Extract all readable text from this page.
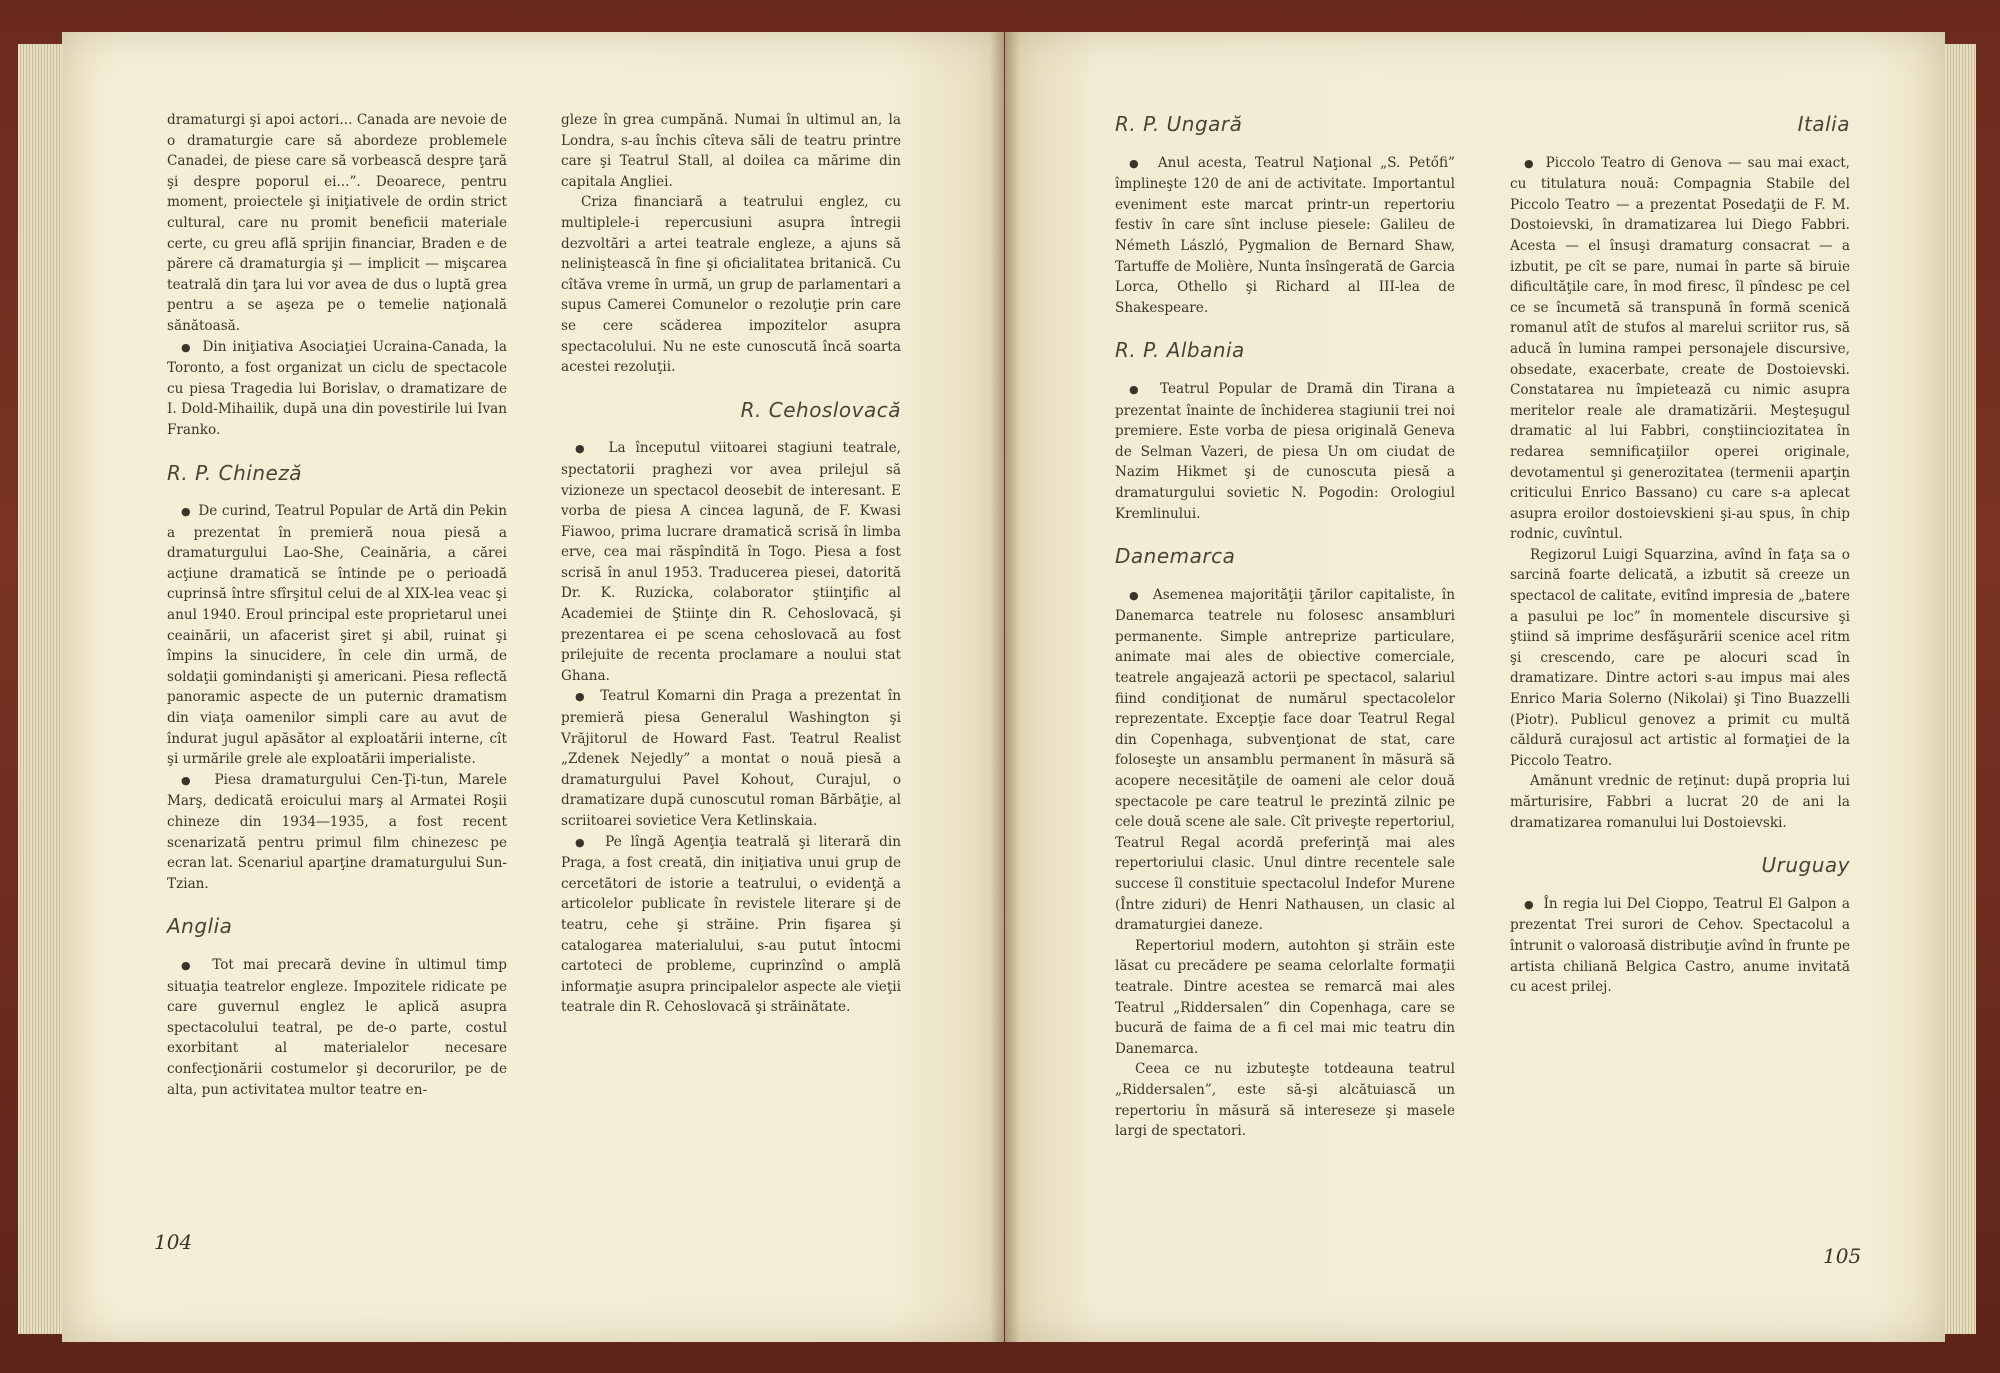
dramaturgi şi apoi actori... Canada are nevoie de o dramaturgie care să abordeze problemele Canadei, de piese care să vorbească despre ţară şi despre poporul ei...”. Deoarece, pentru moment, proiectele şi iniţiativele de ordin strict cultural, care nu promit beneficii materiale certe, cu greu află sprijin financiar, Braden e de părere că dramaturgia şi — implicit — mişcarea teatrală din ţara lui vor avea de dus o luptă grea pentru a se aşeza pe o temelie naţională sănătoasă.

●  Din iniţiativa Asociaţiei Ucraina-Canada, la Toronto, a fost organizat un ciclu de spectacole cu piesa Tragedia lui Borislav, o dramatizare de I. Dold-Mihailik, după una din povestirile lui Ivan Franko.

R. P. Chineză

●  De curind, Teatrul Popular de Artă din Pekin a prezentat în premieră noua piesă a dramaturgului Lao-She, Ceainăria, a cărei acţiune dramatică se întinde pe o perioadă cuprinsă între sfîrşitul celui de al XIX-lea veac şi anul 1940. Eroul principal este proprietarul unei ceainării, un afacerist şiret şi abil, ruinat şi împins la sinucidere, în cele din urmă, de soldaţii gomindanişti şi americani. Piesa reflectă panoramic aspecte de un puternic dramatism din viaţa oamenilor simpli care au avut de îndurat jugul apăsător al exploatării interne, cît şi urmările grele ale exploatării imperialiste.

●  Piesa dramaturgului Cen-Ţi-tun, Marele Marş, dedicată eroicului marş al Armatei Roşii chineze din 1934—1935, a fost recent scenarizată pentru primul film chinezesc pe ecran lat. Scenariul aparţine dramaturgului Sun-Tzian.

Anglia

●  Tot mai precară devine în ultimul timp situaţia teatrelor engleze. Impozitele ridicate pe care guvernul englez le aplică asupra spectacolului teatral, pe de-o parte, costul exorbitant al materialelor necesare confecţionării costumelor şi decorurilor, pe de alta, pun activitatea multor teatre en-

gleze în grea cumpănă. Numai în ultimul an, la Londra, s-au închis cîteva săli de teatru printre care şi Teatrul Stall, al doilea ca mărime din capitala Angliei.

Criza financiară a teatrului englez, cu multiplele-i repercusiuni asupra întregii dezvoltări a artei teatrale engleze, a ajuns să neliniştească în fine şi oficialitatea britanică. Cu cîtăva vreme în urmă, un grup de parlamentari a supus Camerei Comunelor o rezoluţie prin care se cere scăderea impozitelor asupra spectacolului. Nu ne este cunoscută încă soarta acestei rezoluţii.

R. Cehoslovacă

●  La începutul viitoarei stagiuni teatrale, spectatorii praghezi vor avea prilejul să vizioneze un spectacol deosebit de interesant. E vorba de piesa A cincea lagună, de F. Kwasi Fiawoo, prima lucrare dramatică scrisă în limba erve, cea mai răspîndită în Togo. Piesa a fost scrisă în anul 1953. Traducerea piesei, datorită Dr. K. Ruzicka, colaborator ştiinţific al Academiei de Ştiinţe din R. Cehoslovacă, şi prezentarea ei pe scena cehoslovacă au fost prilejuite de recenta proclamare a noului stat Ghana.

●  Teatrul Komarni din Praga a prezentat în premieră piesa Generalul Washington şi Vrăjitorul de Howard Fast. Teatrul Realist „Zdenek Nejedly” a montat o nouă piesă a dramaturgului Pavel Kohout, Curajul, o dramatizare după cunoscutul roman Bărbăţie, al scriitoarei sovietice Vera Ketlinskaia.

●  Pe lîngă Agenţia teatrală şi literară din Praga, a fost creată, din iniţiativa unui grup de cercetători de istorie a teatrului, o evidenţă a articolelor publicate în revistele literare şi de teatru, cehe şi străine. Prin fişarea şi catalogarea materialului, s-au putut întocmi cartoteci de probleme, cuprinzînd o amplă informaţie asupra principalelor aspecte ale vieţii teatrale din R. Cehoslovacă şi străinătate.

104
R. P. Ungară

●  Anul acesta, Teatrul Naţional „S. Petőfi” împlineşte 120 de ani de activitate. Importantul eveniment este marcat printr-un repertoriu festiv în care sînt incluse piesele: Galileu de Németh László, Pygmalion de Bernard Shaw, Tartuffe de Molière, Nunta însîngerată de Garcia Lorca, Othello şi Richard al III-lea de Shakespeare.

R. P. Albania

●  Teatrul Popular de Dramă din Tirana a prezentat înainte de închiderea stagiunii trei noi premiere. Este vorba de piesa originală Geneva de Selman Vazeri, de piesa Un om ciudat de Nazim Hikmet şi de cunoscuta piesă a dramaturgului sovietic N. Pogodin: Orologiul Kremlinului.

Danemarca

●  Asemenea majorităţii ţărilor capitaliste, în Danemarca teatrele nu folosesc ansambluri permanente. Simple antreprize particulare, animate mai ales de obiective comerciale, teatrele angajează actorii pe spectacol, salariul fiind condiţionat de numărul spectacolelor reprezentate. Excepţie face doar Teatrul Regal din Copenhaga, subvenţionat de stat, care foloseşte un ansamblu permanent în măsură să acopere necesităţile de oameni ale celor două spectacole pe care teatrul le prezintă zilnic pe cele două scene ale sale. Cît priveşte repertoriul, Teatrul Regal acordă preferinţă mai ales repertoriului clasic. Unul dintre recentele sale succese îl constituie spectacolul Indefor Murene (Între ziduri) de Henri Nathausen, un clasic al dramaturgiei daneze.

Repertoriul modern, autohton şi străin este lăsat cu precădere pe seama celorlalte formaţii teatrale. Dintre acestea se remarcă mai ales Teatrul „Riddersalen” din Copenhaga, care se bucură de faima de a fi cel mai mic teatru din Danemarca.

Ceea ce nu izbuteşte totdeauna teatrul „Riddersalen”, este să-şi alcătuiască un repertoriu în măsură să intereseze şi masele largi de spectatori.

Italia

●  Piccolo Teatro di Genova — sau mai exact, cu titulatura nouă: Compagnia Stabile del Piccolo Teatro — a prezentat Posedaţii de F. M. Dostoievski, în dramatizarea lui Diego Fabbri. Acesta — el însuşi dramaturg consacrat — a izbutit, pe cît se pare, numai în parte să biruie dificultăţile care, în mod firesc, îl pîndesc pe cel ce se încumetă să transpună în formă scenică romanul atît de stufos al marelui scriitor rus, să aducă în lumina rampei personajele discursive, obsedate, exacerbate, create de Dostoievski. Constatarea nu împietează cu nimic asupra meritelor reale ale dramatizării. Meşteşugul dramatic al lui Fabbri, conştiinciozitatea în redarea semnificaţiilor operei originale, devotamentul şi generozitatea (termenii aparţin criticului Enrico Bassano) cu care s-a aplecat asupra eroilor dostoievskieni şi-au spus, în chip rodnic, cuvîntul.

Regizorul Luigi Squarzina, avînd în faţa sa o sarcină foarte delicată, a izbutit să creeze un spectacol de calitate, evitînd impresia de „batere a pasului pe loc” în momentele discursive şi ştiind să imprime desfăşurării scenice acel ritm şi crescendo, care pe alocuri scad în dramatizare. Dintre actori s-au impus mai ales Enrico Maria Solerno (Nikolai) şi Tino Buazzelli (Piotr). Publicul genovez a primit cu multă căldură curajosul act artistic al formaţiei de la Piccolo Teatro.

Amănunt vrednic de reţinut: după propria lui mărturisire, Fabbri a lucrat 20 de ani la dramatizarea romanului lui Dostoievski.

Uruguay

●  În regia lui Del Cioppo, Teatrul El Galpon a prezentat Trei surori de Cehov. Spectacolul a întrunit o valoroasă distribuţie avînd în frunte pe artista chiliană Belgica Castro, anume invitată cu acest prilej.

105
